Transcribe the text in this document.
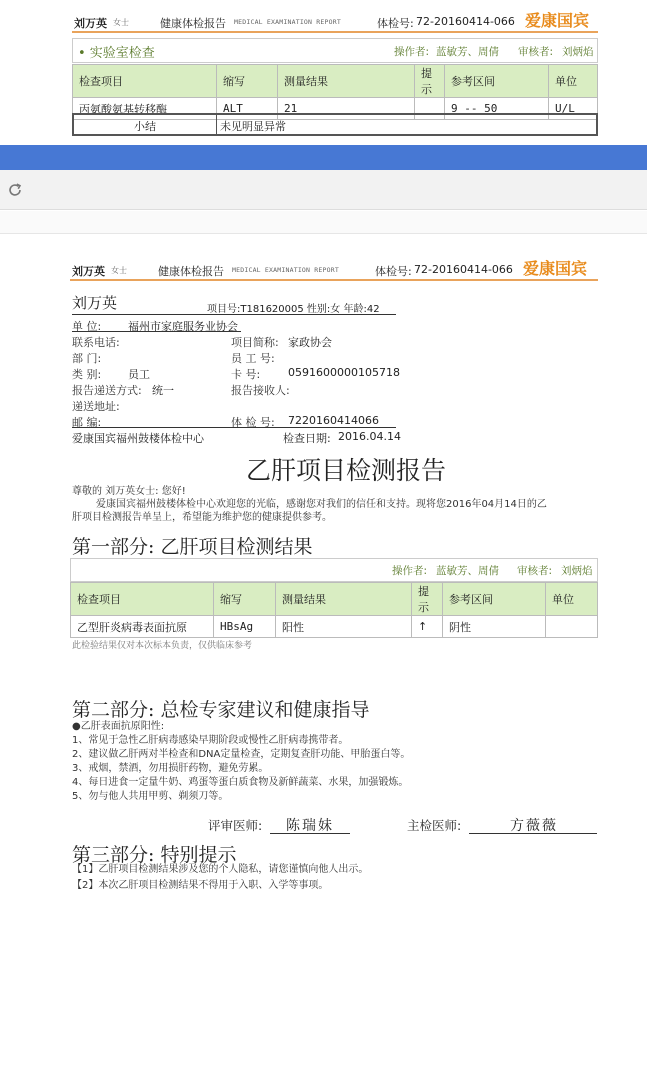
刘万英 女士	健康体检报告 MEDICAL EXAMINATION REPORT	体检号: 72-20160414-066 爱康国宾
• 实验室检查	操作者: 蓝敏芳、周倩 审核者: 刘炳焰
检查项目	缩写	测量结果	提示	参考区间	单位
丙氨酸氨基转移酶	ALT	21		9 -- 50	U/L
小结	未见明显异常
刘万英 女士	健康体检报告 MEDICAL EXAMINATION REPORT	体检号: 72-20160414-066 爱康国宾
刘万英	项目号:T181620005 性别:女 年龄:42
单 位: 福州市家庭服务业协会
联系电话:
部 门:
类 别: 员工
报告递送方式: 统一
递送地址:
邮 编:
项目简称: 家政协会
员 工 号:
卡 号:	0591600000105718
报告接收人:
体 检 号: 7220160414066
爱康国宾福州鼓楼体检中心	检查日期: 2016.04.14
乙肝项目检测报告
尊敬的 刘万英女士: 您好!
爱康国宾福州鼓楼体检中心欢迎您的光临，感谢您对我们的信任和支持。现将您2016年04月14日的乙
肝项目检测报告单呈上，希望能为维护您的健康提供参考。
第一部分: 乙肝项目检测结果
操作者: 蓝敏芳、周倩 审核者: 刘炳焰
检查项目	缩写	测量结果	提示	参考区间	单位
乙型肝炎病毒表面抗原	HBsAg	阳性	↑	阴性	
此检验结果仅对本次标本负责，仅供临床参考
第二部分: 总检专家建议和健康指导
●乙肝表面抗原阳性:
1、常见于急性乙肝病毒感染早期阶段或慢性乙肝病毒携带者。
2、建议做乙肝两对半检查和DNA定量检查，定期复查肝功能、甲胎蛋白等。
3、戒烟，禁酒，勿用损肝药物，避免劳累。
4、每日进食一定量牛奶、鸡蛋等蛋白质食物及新鲜蔬菜、水果，加强锻炼。
5、勿与他人共用甲剪、剃须刀等。
评审医师: 陈瑞妹	主检医师:	方薇薇
第三部分: 特别提示
【1】乙肝项目检测结果涉及您的个人隐私，请您谨慎向他人出示。
【2】本次乙肝项目检测结果不得用于入职、入学等事项。
